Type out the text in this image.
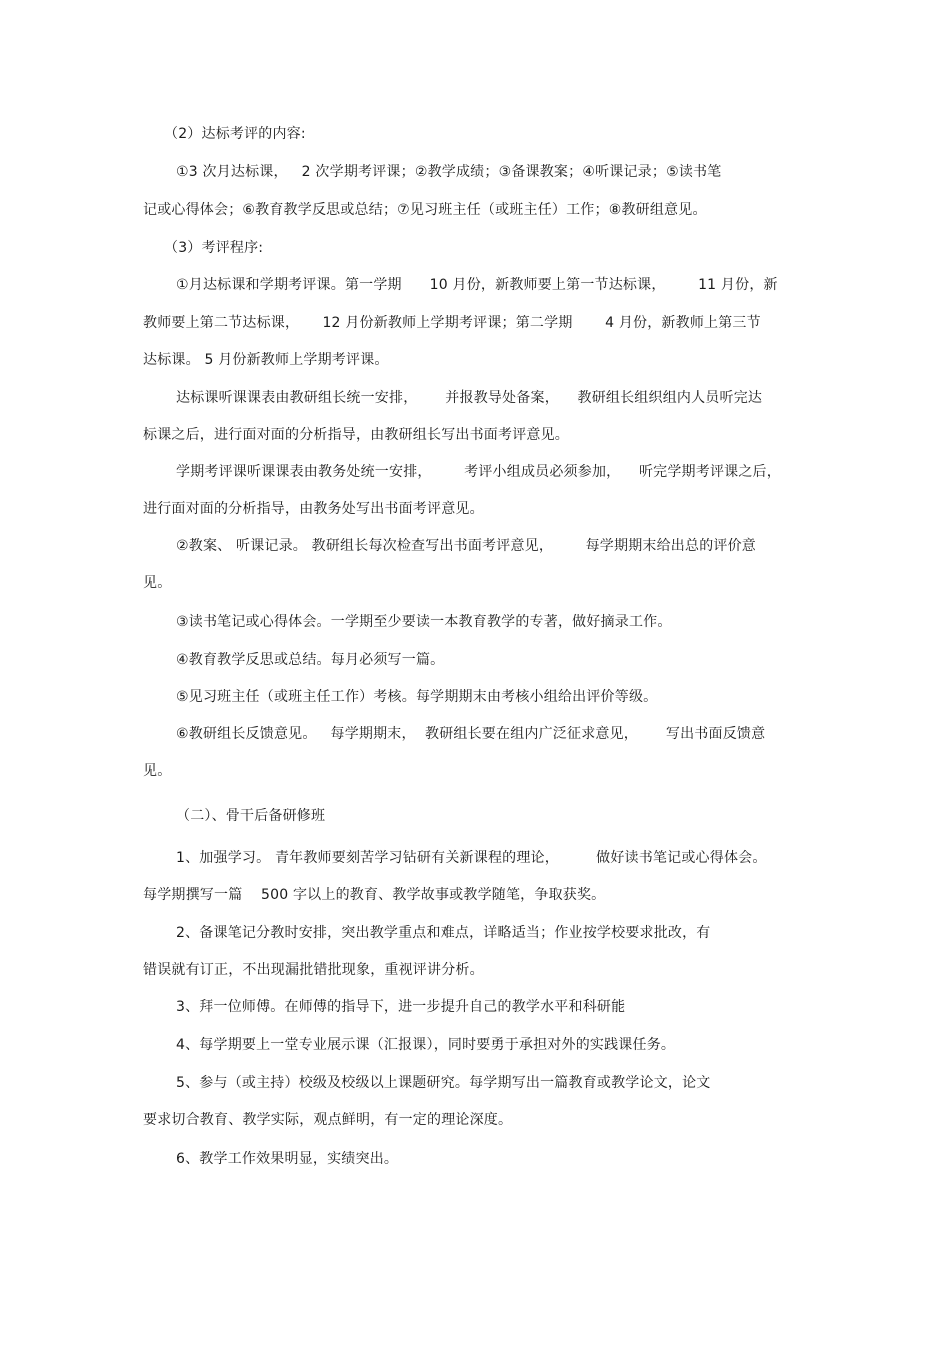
（2）达标考评的内容:
①3 次月达标课，   2 次学期考评课；②教学成绩；③备课教案；④听课记录；⑤读书笔
记或心得体会；⑥教育教学反思或总结；⑦见习班主任（或班主任）工作；⑧教研组意见。
（3）考评程序:
①月达标课和学期考评课。第一学期      10 月份，新教师要上第一节达标课，       11 月份，新
教师要上第二节达标课，     12 月份新教师上学期考评课；第二学期       4 月份，新教师上第三节
达标课。 5 月份新教师上学期考评课。
达标课听课课表由教研组长统一安排，      并报教导处备案，    教研组长组织组内人员听完达
标课之后，进行面对面的分析指导，由教研组长写出书面考评意见。
学期考评课听课课表由教务处统一安排，       考评小组成员必须参加，    听完学期考评课之后，
进行面对面的分析指导，由教务处写出书面考评意见。
②教案、 听课记录。 教研组长每次检查写出书面考评意见，       每学期期末给出总的评价意
见。
③读书笔记或心得体会。一学期至少要读一本教育教学的专著，做好摘录工作。
④教育教学反思或总结。每月必须写一篇。
⑤见习班主任（或班主任工作）考核。每学期期末由考核小组给出评价等级。
⑥教研组长反馈意见。   每学期期末，  教研组长要在组内广泛征求意见，      写出书面反馈意
见。
（二）、骨干后备研修班
1、加强学习。 青年教师要刻苦学习钻研有关新课程的理论，        做好读书笔记或心得体会。
每学期撰写一篇    500 字以上的教育、教学故事或教学随笔，争取获奖。
2、备课笔记分教时安排，突出教学重点和难点，详略适当；作业按学校要求批改，有
错误就有订正，不出现漏批错批现象，重视评讲分析。
3、拜一位师傅。在师傅的指导下，进一步提升自己的教学水平和科研能
4、每学期要上一堂专业展示课（汇报课），同时要勇于承担对外的实践课任务。
5、参与（或主持）校级及校级以上课题研究。每学期写出一篇教育或教学论文，论文
要求切合教育、教学实际，观点鲜明，有一定的理论深度。
6、教学工作效果明显，实绩突出。
